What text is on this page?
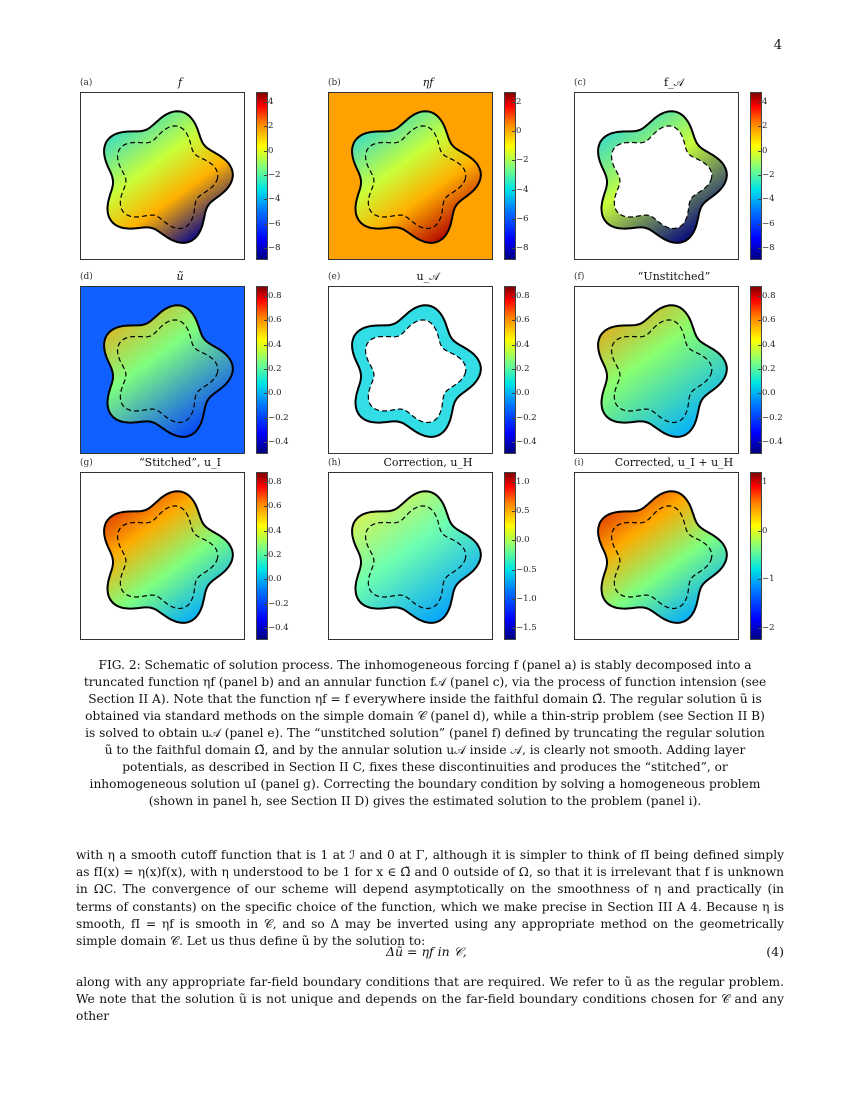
4
(a)	f
4
2
0
−2
−4
−6
−8
(b)	ηf
2
0
−2
−4
−6
−8
(c)	f_𝒜
4
2
0
−2
−4
−6
−8
(d)	ũ
0.8
0.6
0.4
0.2
0.0
−0.2
−0.4
(e)	u_𝒜
0.8
0.6
0.4
0.2
0.0
−0.2
−0.4
(f)	“Unstitched”
0.8
0.6
0.4
0.2
0.0
−0.2
−0.4
(g)	“Stitched”, u_I
0.8
0.6
0.4
0.2
0.0
−0.2
−0.4
(h)	Correction, u_H
1.0
0.5
0.0
−0.5
−1.0
−1.5
(i)	Corrected, u_I + u_H
1
0
−1
−2

FIG. 2: Schematic of solution process. The inhomogeneous forcing f (panel a) is stably decomposed into a truncated function ηf (panel b) and an annular function f𝒜 (panel c), via the process of function intension (see Section II A). Note that the function ηf = f everywhere inside the faithful domain Ω̃. The regular solution ũ is obtained via standard methods on the simple domain 𝒞 (panel d), while a thin-strip problem (see Section II B) is solved to obtain u𝒜 (panel e). The “unstitched solution” (panel f) defined by truncating the regular solution ũ to the faithful domain Ω̃, and by the annular solution u𝒜 inside 𝒜, is clearly not smooth. Adding layer potentials, as described in Section II C, fixes these discontinuities and produces the “stitched”, or inhomogeneous solution uI (panel g). Correcting the boundary condition by solving a homogeneous problem (shown in panel h, see Section II D) gives the estimated solution to the problem (panel i).

with η a smooth cutoff function that is 1 at ℐ and 0 at Γ, although it is simpler to think of fI being defined simply as fI(x) = η(x)f(x), with η understood to be 1 for x ∈ Ω̃ and 0 outside of Ω, so that it is irrelevant that f is unknown in ΩC. The convergence of our scheme will depend asymptotically on the smoothness of η and practically (in terms of constants) on the specific choice of the function, which we make precise in Section III A 4. Because η is smooth, fI = ηf is smooth in 𝒞, and so Δ may be inverted using any appropriate method on the geometrically simple domain 𝒞. Let us thus define ũ by the solution to:

Δũ = ηf in 𝒞,	(4)

along with any appropriate far-field boundary conditions that are required. We refer to ũ as the regular problem. We note that the solution ũ is not unique and depends on the far-field boundary conditions chosen for 𝒞 and any other
